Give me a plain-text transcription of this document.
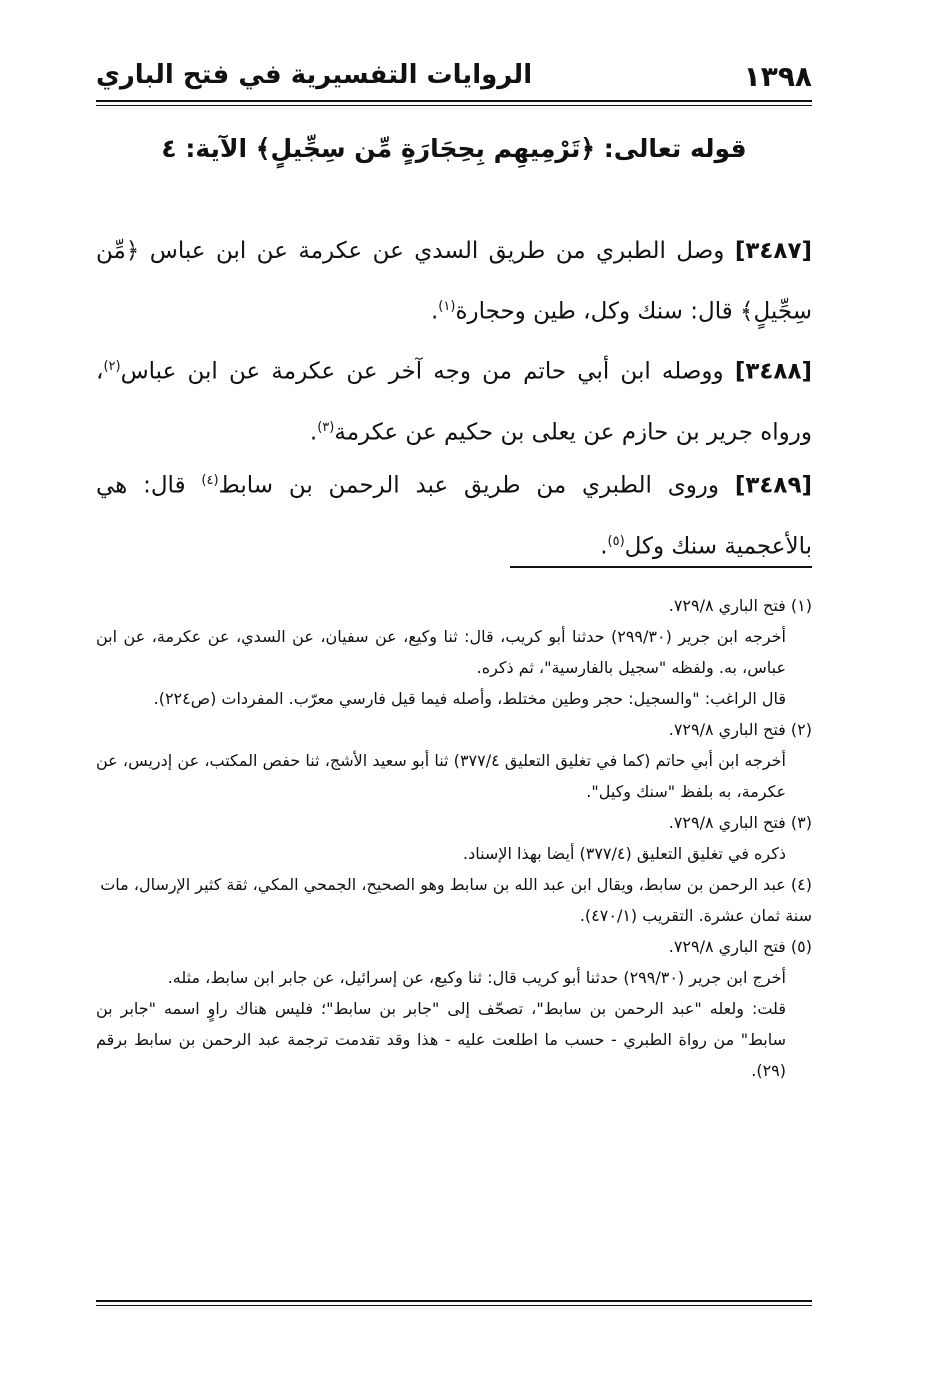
١٣٩٨
الروايات التفسيرية في فتح الباري
قوله تعالى: ﴿تَرْمِيهِم بِحِجَارَةٍ مِّن سِجِّيلٍ﴾ الآية: ٤

[٣٤٨٧] وصل الطبري من طريق السدي عن عكرمة عن ابن عباس ﴿مِّن سِجِّيلٍ﴾ قال: سنك وكل، طين وحجارة$^{(١)}$.

[٣٤٨٨] ووصله ابن أبي حاتم من وجه آخر عن عكرمة عن ابن عباس$^{(٢)}$، ورواه جرير بن حازم عن يعلى بن حكيم عن عكرمة$^{(٣)}$.

[٣٤٨٩] وروى الطبري من طريق عبد الرحمن بن سابط$^{(٤)}$ قال: هي بالأعجمية سنك وكل$^{(٥)}$.

(١) فتح الباري ٧٢٩/٨.

أخرجه ابن جرير (٢٩٩/٣٠) حدثنا أبو كريب، قال: ثنا وكيع، عن سفيان، عن السدي، عن عكرمة، عن ابن عباس، به. ولفظه "سجيل بالفارسية"، ثم ذكره.

قال الراغب: "والسجيل: حجر وطين مختلط، وأصله فيما قيل فارسي معرّب. المفردات (ص٢٢٤).

(٢) فتح الباري ٧٢٩/٨.

أخرجه ابن أبي حاتم (كما في تغليق التعليق ٣٧٧/٤) ثنا أبو سعيد الأشج، ثنا حفص المكتب، عن إدريس، عن عكرمة، به بلفظ "سنك وكيل".

(٣) فتح الباري ٧٢٩/٨.

ذكره في تغليق التعليق (٣٧٧/٤) أيضا بهذا الإسناد.

(٤) عبد الرحمن بن سابط، ويقال ابن عبد الله بن سابط وهو الصحيح، الجمحي المكي، ثقة كثير الإرسال، مات سنة ثمان عشرة. التقريب (٤٧٠/١).

(٥) فتح الباري ٧٢٩/٨.

أخرج ابن جرير (٢٩٩/٣٠) حدثنا أبو كريب قال: ثنا وكيع، عن إسرائيل، عن جابر ابن سابط، مثله.

قلت: ولعله "عبد الرحمن بن سابط"، تصحّف إلى "جابر بن سابط"؛ فليس هناك راوٍ اسمه "جابر بن سابط" من رواة الطبري - حسب ما اطلعت عليه - هذا وقد تقدمت ترجمة عبد الرحمن بن سابط برقم (٢٩).
